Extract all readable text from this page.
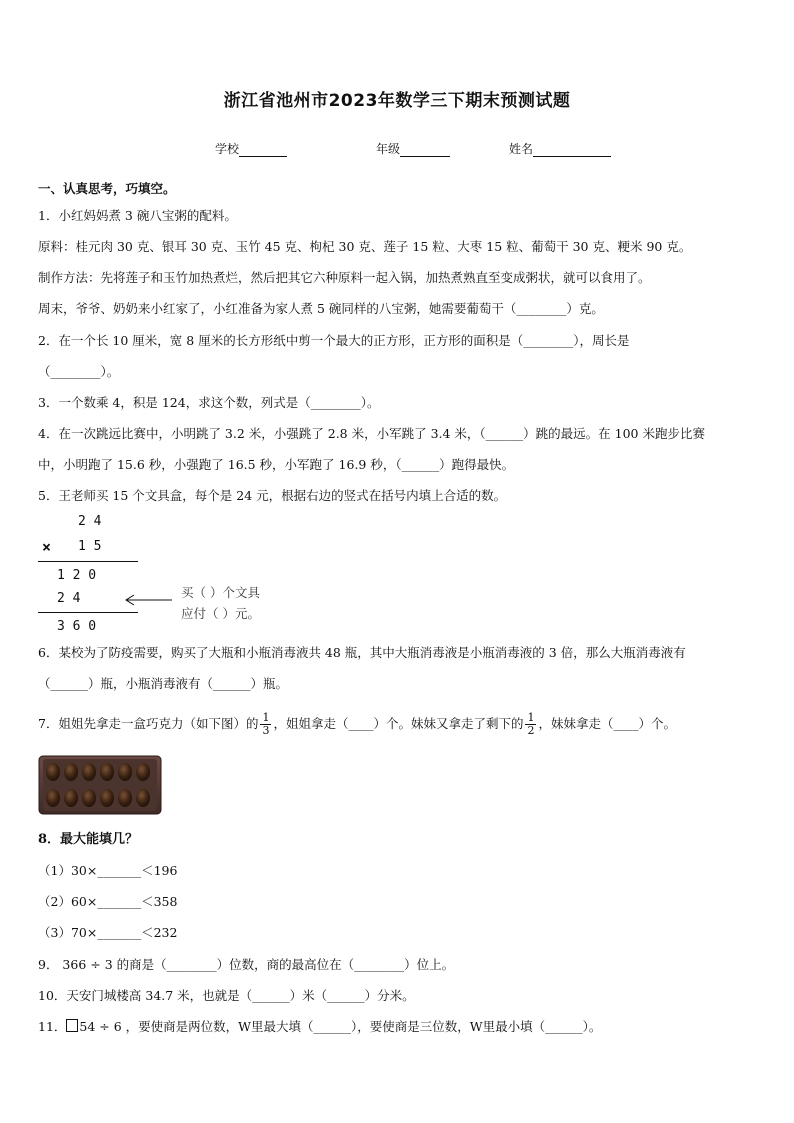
浙江省池州市2023年数学三下期末预测试题
学校	年级	姓名
一、认真思考，巧填空。
1．小红妈妈煮 3 碗八宝粥的配料。
原料：桂元肉 30 克、银耳 30 克、玉竹 45 克、枸杞 30 克、莲子 15 粒、大枣 15 粒、葡萄干 30 克、粳米 90 克。
制作方法：先将莲子和玉竹加热煮烂，然后把其它六种原料一起入锅，加热煮熟直至变成粥状，就可以食用了。
周末，爷爷、奶奶来小红家了，小红准备为家人煮 5 碗同样的八宝粥，她需要葡萄干（________）克。
2．在一个长 10 厘米，宽 8 厘米的长方形纸中剪一个最大的正方形，正方形的面积是（________），周长是
（________）。
3．一个数乘 4，积是 124，求这个数，列式是（________）。
4．在一次跳远比赛中，小明跳了 3.2 米，小强跳了 2.8 米，小军跳了 3.4 米，（______）跳的最远。在 100 米跑步比赛
中，小明跑了 15.6 秒，小强跑了 16.5 秒，小军跑了 16.9 秒，（______）跑得最快。
5．王老师买 15 个文具盒，每个是 24 元，根据右边的竖式在括号内填上合适的数。
2 4
× 1 5
1 2 0
2 4
3 6 0
买（ ）个文具
应付（ ）元。
6．某校为了防疫需要，购买了大瓶和小瓶消毒液共 48 瓶，其中大瓶消毒液是小瓶消毒液的 3 倍，那么大瓶消毒液有
（______）瓶，小瓶消毒液有（______）瓶。
7．姐姐先拿走一盒巧克力（如下图）的 $\frac{1}{3}$ ，姐姐拿走（____）个。妹妹又拿走了剩下的 $\frac{1}{2}$ ，妹妹拿走（____）个。
8．最大能填几？
（1）30×_______＜196
（2）60×_______＜358
（3）70×_______＜232
9． 366 ÷ 3 的商是（________）位数，商的最高位在（________）位上。
10．天安门城楼高 34.7 米，也就是（______）米（______）分米。
11． 54 ÷ 6 ，要使商是两位数，W里最大填（______），要使商是三位数，W里最小填（______）。
